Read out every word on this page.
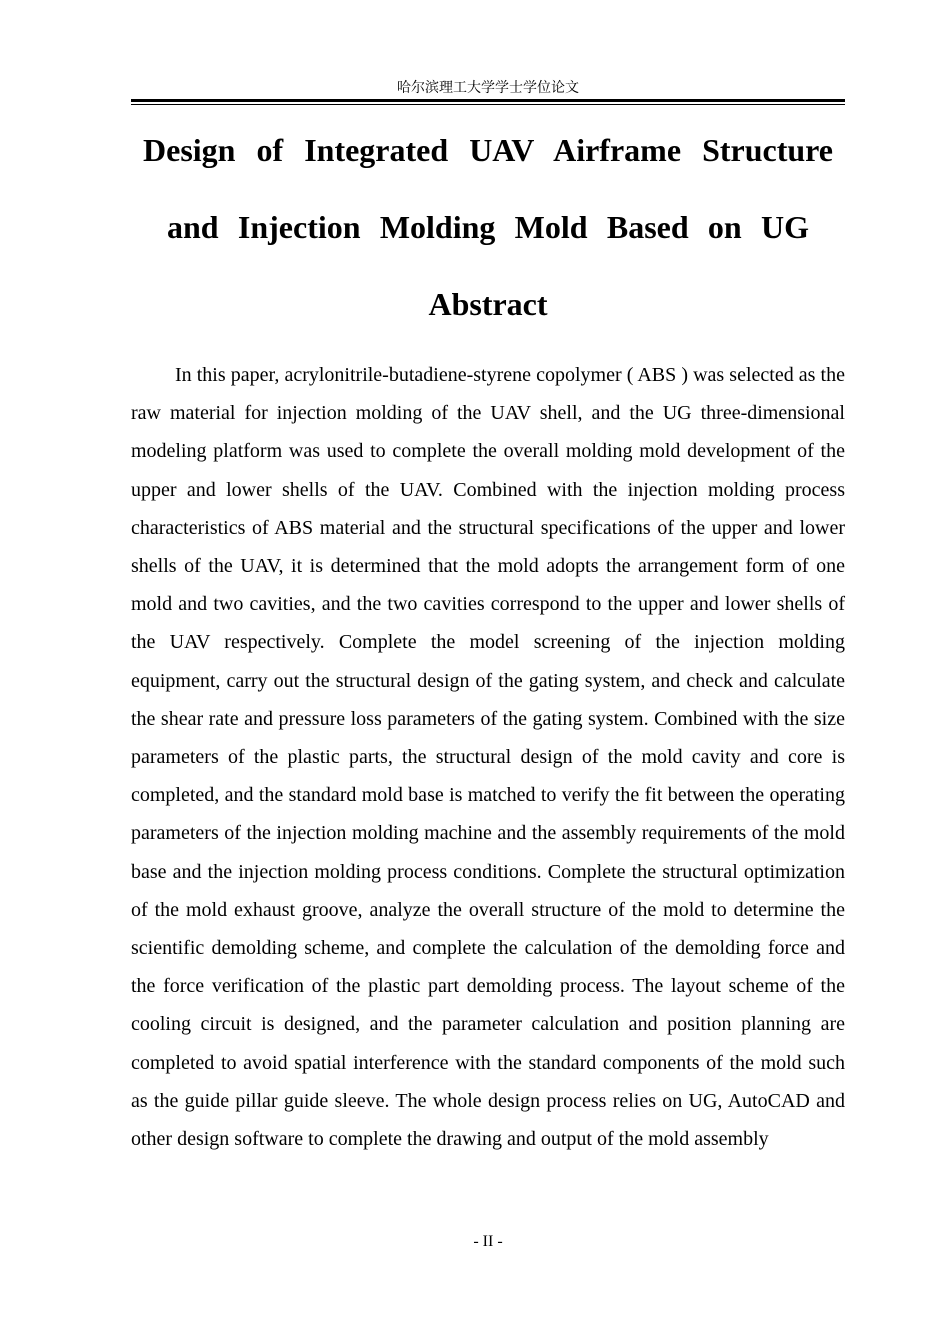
哈尔滨理工大学学士学位论文
Design of Integrated UAV Airframe Structure
and Injection Molding Mold Based on UG
Abstract

In this paper, acrylonitrile-butadiene-styrene copolymer ( ABS ) was selected as the raw material for injection molding of the UAV shell, and the UG three-dimensional modeling platform was used to complete the overall molding mold development of the upper and lower shells of the UAV. Combined with the injection molding process characteristics of ABS material and the structural specifications of the upper and lower shells of the UAV, it is determined that the mold adopts the arrangement form of one mold and two cavities, and the two cavities correspond to the upper and lower shells of the UAV respectively. Complete the model screening of the injection molding equipment, carry out the structural design of the gating system, and check and calculate the shear rate and pressure loss parameters of the gating system. Combined with the size parameters of the plastic parts, the structural design of the mold cavity and core is completed, and the standard mold base is matched to verify the fit between the operating parameters of the injection molding machine and the assembly requirements of the mold base and the injection molding process conditions. Complete the structural optimization of the mold exhaust groove, analyze the overall structure of the mold to determine the scientific demolding scheme, and complete the calculation of the demolding force and the force verification of the plastic part demolding process. The layout scheme of the cooling circuit is designed, and the parameter calculation and position planning are completed to avoid spatial interference with the standard components of the mold such as the guide pillar guide sleeve. The whole design process relies on UG, AutoCAD and other design software to complete the drawing and output of the mold assembly

- II -
